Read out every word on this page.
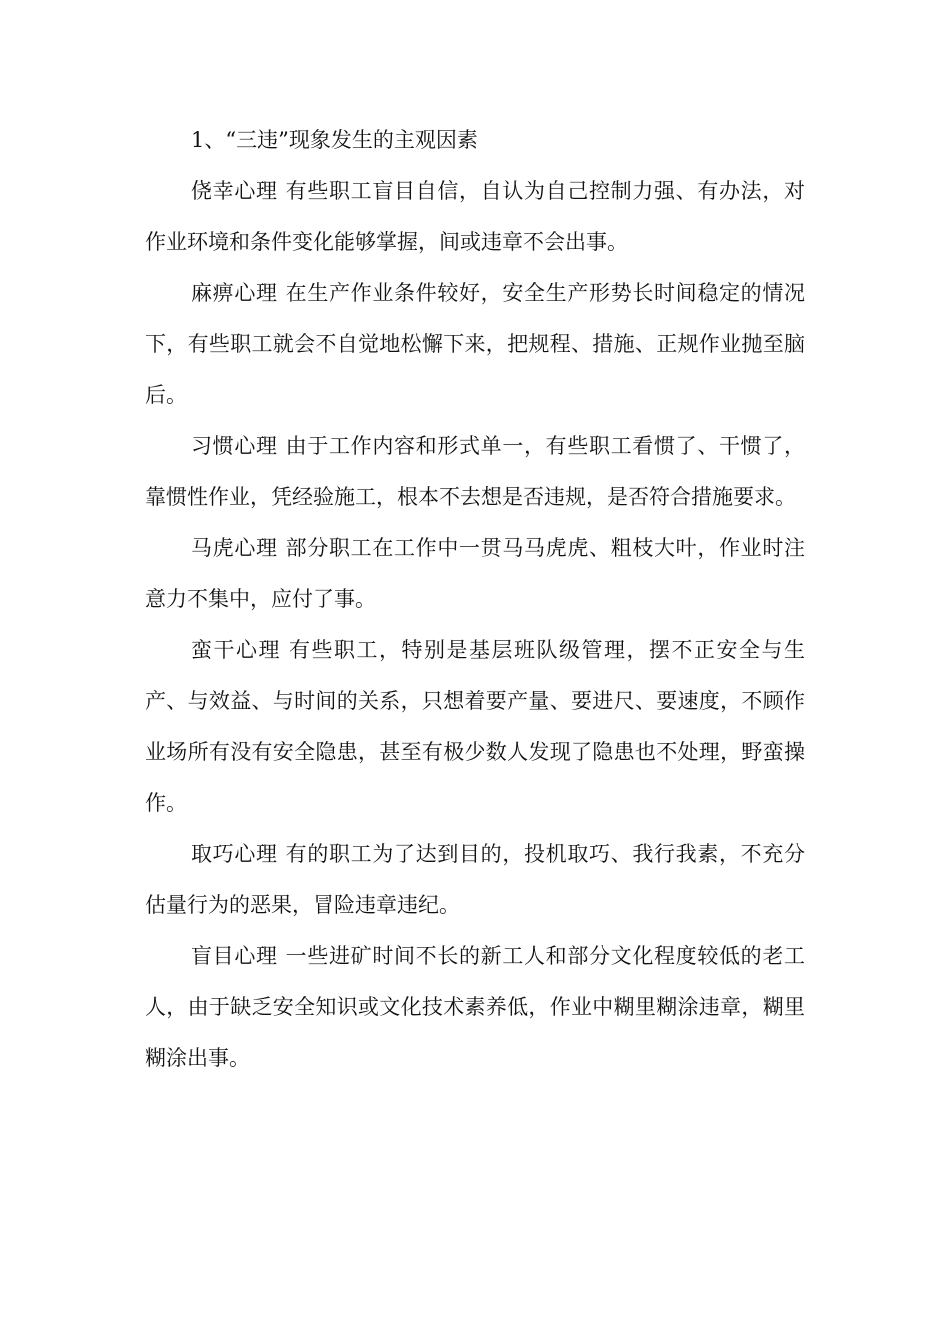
1、“三违”现象发生的主观因素

侥幸心理 有些职工盲目自信，自认为自己控制力强、有办法，对作业环境和条件变化能够掌握，间或违章不会出事。

麻痹心理 在生产作业条件较好，安全生产形势长时间稳定的情况下，有些职工就会不自觉地松懈下来，把规程、措施、正规作业抛至脑后。

习惯心理 由于工作内容和形式单一，有些职工看惯了、干惯了，靠惯性作业，凭经验施工，根本不去想是否违规，是否符合措施要求。

马虎心理 部分职工在工作中一贯马马虎虎、粗枝大叶，作业时注意力不集中，应付了事。

蛮干心理 有些职工，特别是基层班队级管理，摆不正安全与生产、与效益、与时间的关系，只想着要产量、要进尺、要速度，不顾作业场所有没有安全隐患，甚至有极少数人发现了隐患也不处理，野蛮操作。

取巧心理 有的职工为了达到目的，投机取巧、我行我素，不充分估量行为的恶果，冒险违章违纪。

盲目心理 一些进矿时间不长的新工人和部分文化程度较低的老工人，由于缺乏安全知识或文化技术素养低，作业中糊里糊涂违章，糊里糊涂出事。
